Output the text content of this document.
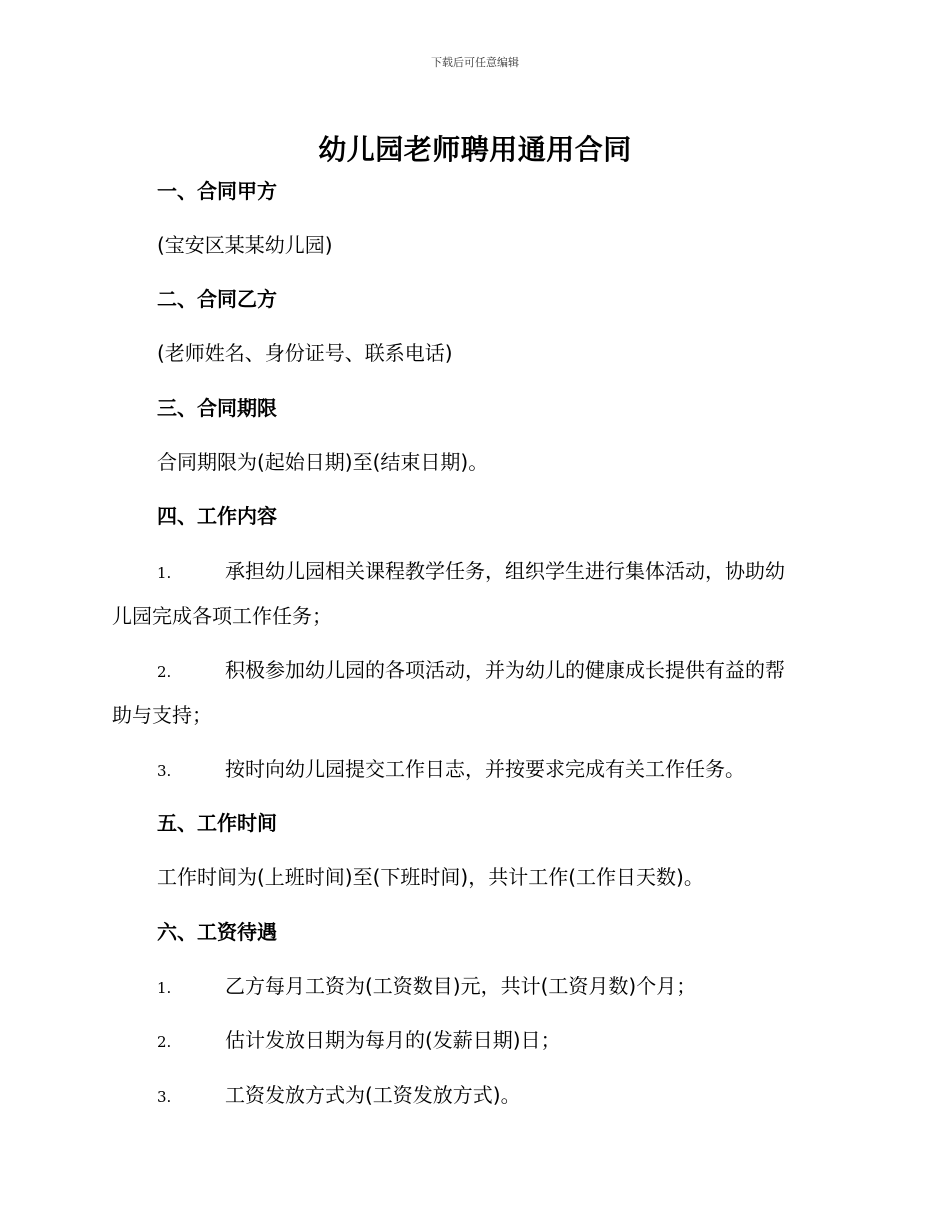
下载后可任意编辑
幼儿园老师聘用通用合同
一、合同甲方
(宝安区某某幼儿园)
二、合同乙方
(老师姓名、身份证号、联系电话)
三、合同期限
合同期限为(起始日期)至(结束日期)。
四、工作内容
1.	承担幼儿园相关课程教学任务，组织学生进行集体活动，协助幼
儿园完成各项工作任务；
2.	积极参加幼儿园的各项活动，并为幼儿的健康成长提供有益的帮
助与支持；
3.	按时向幼儿园提交工作日志，并按要求完成有关工作任务。
五、工作时间
工作时间为(上班时间)至(下班时间)，共计工作(工作日天数)。
六、工资待遇
1.	乙方每月工资为(工资数目)元，共计(工资月数)个月；
2.	估计发放日期为每月的(发薪日期)日；
3.	工资发放方式为(工资发放方式)。
